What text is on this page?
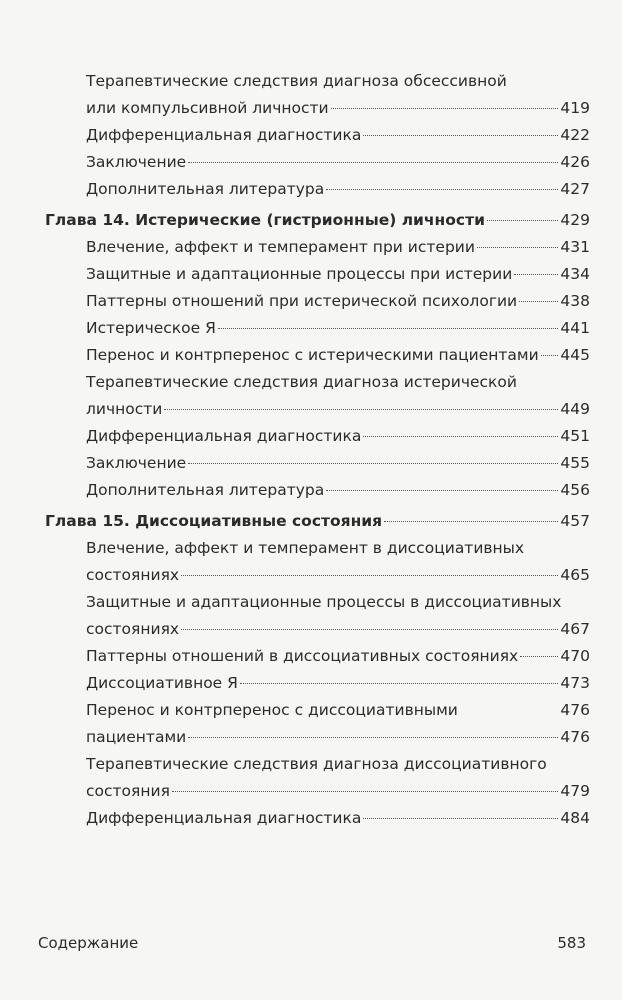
Терапевтические следствия диагноза обсессивной
или компульсивной личности	419
Дифференциальная диагностика	422
Заключение	426
Дополнительная литература	427
Глава 14. Истерические (гистрионные) личности	429
Влечение, аффект и темперамент при истерии	431
Защитные и адаптационные процессы при истерии	434
Паттерны отношений при истерической психологии	438
Истерическое Я	441
Перенос и контрперенос с истерическими пациентами 445
Терапевтические следствия диагноза истерической
личности	449
Дифференциальная диагностика	451
Заключение	455
Дополнительная литература	456
Глава 15. Диссоциативные состояния	457
Влечение, аффект и темперамент в диссоциативных
состояниях	465
Защитные и адаптационные процессы в диссоциативных
состояниях	467
Паттерны отношений в диссоциативных состояниях	470
Диссоциативное Я	473
Перенос и контрперенос с диссоциативными	476
пациентами	476
Терапевтические следствия диагноза диссоциативного
состояния	479
Дифференциальная диагностика	484
Содержание	583
